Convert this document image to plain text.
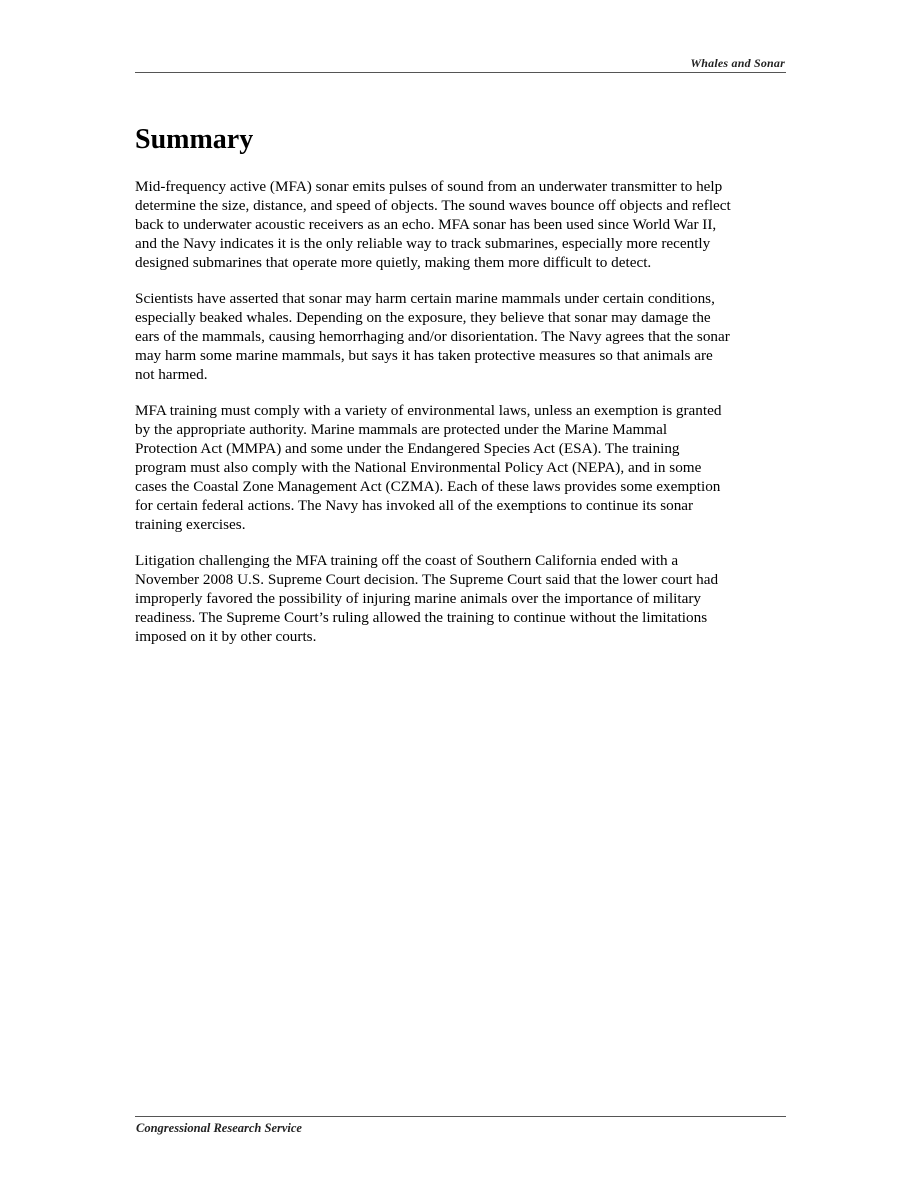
Whales and Sonar
Summary

Mid-frequency active (MFA) sonar emits pulses of sound from an underwater transmitter to help
determine the size, distance, and speed of objects. The sound waves bounce off objects and reflect
back to underwater acoustic receivers as an echo. MFA sonar has been used since World War II,
and the Navy indicates it is the only reliable way to track submarines, especially more recently
designed submarines that operate more quietly, making them more difficult to detect.

Scientists have asserted that sonar may harm certain marine mammals under certain conditions,
especially beaked whales. Depending on the exposure, they believe that sonar may damage the
ears of the mammals, causing hemorrhaging and/or disorientation. The Navy agrees that the sonar
may harm some marine mammals, but says it has taken protective measures so that animals are
not harmed.

MFA training must comply with a variety of environmental laws, unless an exemption is granted
by the appropriate authority. Marine mammals are protected under the Marine Mammal
Protection Act (MMPA) and some under the Endangered Species Act (ESA). The training
program must also comply with the National Environmental Policy Act (NEPA), and in some
cases the Coastal Zone Management Act (CZMA). Each of these laws provides some exemption
for certain federal actions. The Navy has invoked all of the exemptions to continue its sonar
training exercises.

Litigation challenging the MFA training off the coast of Southern California ended with a
November 2008 U.S. Supreme Court decision. The Supreme Court said that the lower court had
improperly favored the possibility of injuring marine animals over the importance of military
readiness. The Supreme Court’s ruling allowed the training to continue without the limitations
imposed on it by other courts.

Congressional Research Service
